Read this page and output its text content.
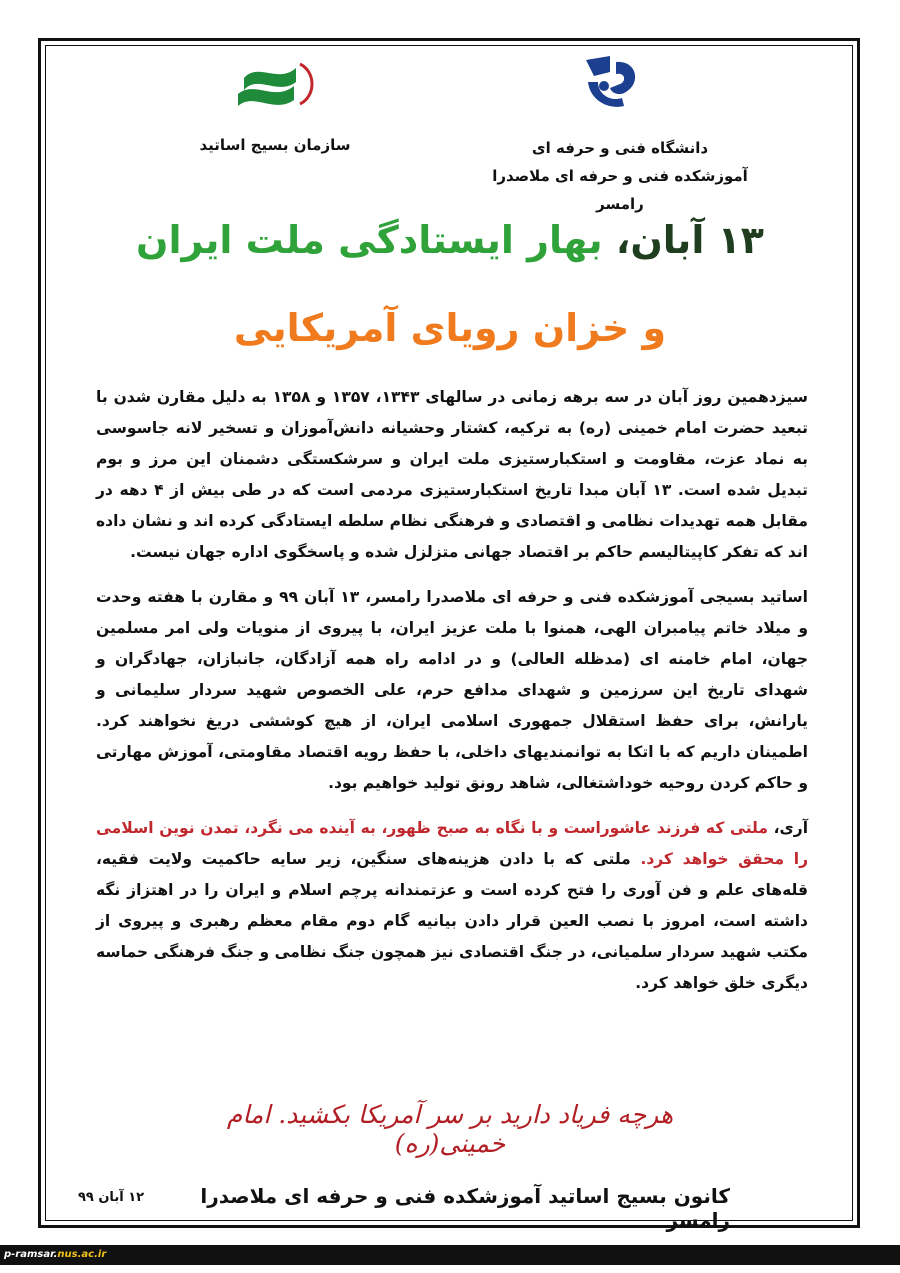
سازمان بسیج اساتید	دانشگاه فنی و حرفه ای
آموزشکده فنی و حرفه ای ملاصدرا رامسر
۱۳ آبان، بهار ایستادگی ملت ایران
و خزان رویای آمریکایی

سیزدهمین روز آبان در سه برهه زمانی در سالهای ۱۳۴۳، ۱۳۵۷ و ۱۳۵۸ به دلیل مقارن شدن با تبعید حضرت امام خمینی (ره) به ترکیه، کشتار وحشیانه دانش‌آموزان و تسخیر لانه جاسوسی به نماد عزت، مقاومت و استکبارستیزی ملت ایران و سرشکستگی دشمنان این مرز و بوم تبدیل شده است. ۱۳ آبان مبدا تاریخ استکبارستیزی مردمی است که در طی بیش از ۴ دهه در مقابل همه تهدیدات نظامی و اقتصادی و فرهنگی نظام سلطه ایستادگی کرده اند و نشان داده اند که تفکر کاپیتالیسم حاکم بر اقتصاد جهانی متزلزل شده و پاسخگوی اداره جهان نیست.

اساتید بسیجی آموزشکده فنی و حرفه ای ملاصدرا رامسر، ۱۳ آبان ۹۹ و مقارن با هفته وحدت و میلاد خاتم پیامبران الهی، همنوا با ملت عزیز ایران، با پیروی از منویات ولی امر مسلمین جهان، امام خامنه ای (مدظله العالی) و در ادامه راه همه آزادگان، جانبازان، جهادگران و شهدای تاریخ این سرزمین و شهدای مدافع حرم، علی الخصوص شهید سردار سلیمانی و یارانش، برای حفظ استقلال جمهوری اسلامی ایران، از هیچ کوششی دریغ نخواهند کرد. اطمینان داریم که با اتکا به توانمندیهای داخلی، با حفظ رویه اقتصاد مقاومتی، آموزش مهارتی و حاکم کردن روحیه خوداشتغالی، شاهد رونق تولید خواهیم بود.

آری، ملتی که فرزند عاشوراست و با نگاه به صبح ظهور، به آینده می نگرد، تمدن نوین اسلامی را محقق خواهد کرد. ملتی که با دادن هزینه‌های سنگین، زیر سایه حاکمیت ولایت فقیه، قله‌های علم و فن آوری را فتح کرده است و عزتمندانه پرچم اسلام و ایران را در اهتزاز نگه داشته است، امروز با نصب العین قرار دادن بیانیه گام دوم مقام معظم رهبری و پیروی از مکتب شهید سردار سلمیانی، در جنگ اقتصادی نیز همچون جنگ نظامی و جنگ فرهنگی حماسه دیگری خلق خواهد کرد.

هرچه فریاد دارید بر سر آمریکا بکشید. امام خمینی(ره)
کانون بسیج اساتید آموزشکده فنی و حرفه ای ملاصدرا رامسر
۱۲ آبان ۹۹
p-ramsar.nus.ac.ir
